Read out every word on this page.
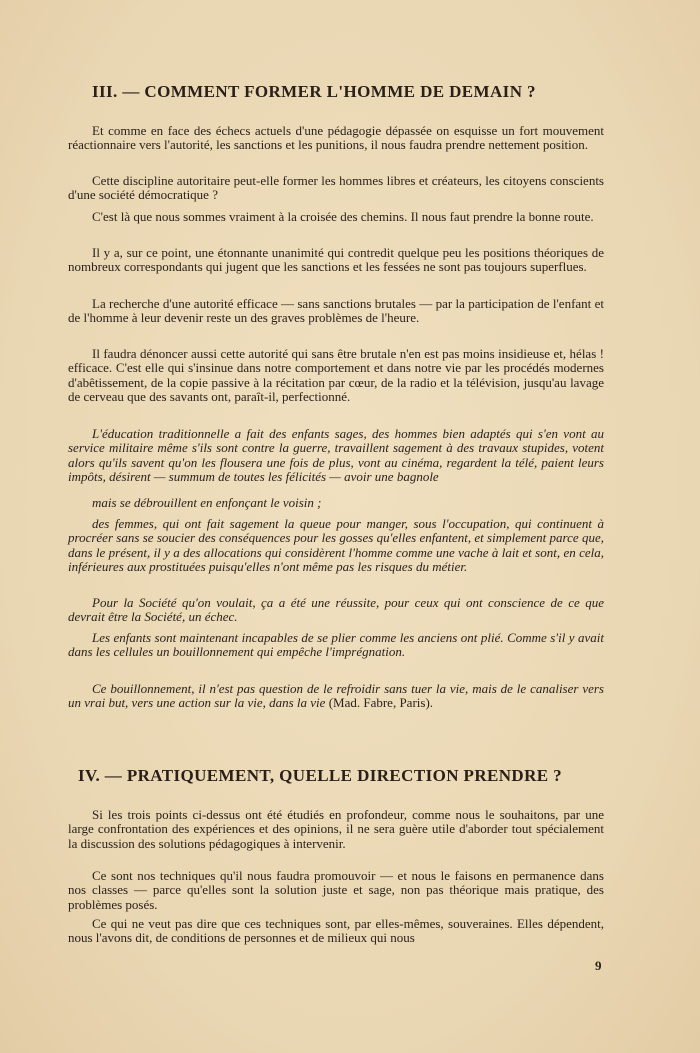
III. — COMMENT FORMER L'HOMME DE DEMAIN ?

Et comme en face des échecs actuels d'une pédagogie dépassée on esquisse un fort mouvement réactionnaire vers l'autorité, les sanctions et les punitions, il nous faudra prendre nettement position.

Cette discipline autoritaire peut-elle former les hommes libres et créateurs, les citoyens conscients d'une société démocratique ?

C'est là que nous sommes vraiment à la croisée des chemins. Il nous faut prendre la bonne route.

Il y a, sur ce point, une étonnante unanimité qui contredit quelque peu les positions théoriques de nombreux correspondants qui jugent que les sanctions et les fessées ne sont pas toujours superflues.

La recherche d'une autorité efficace — sans sanctions brutales — par la participation de l'enfant et de l'homme à leur devenir reste un des graves problèmes de l'heure.

Il faudra dénoncer aussi cette autorité qui sans être brutale n'en est pas moins insidieuse et, hélas ! efficace. C'est elle qui s'insinue dans notre comportement et dans notre vie par les procédés modernes d'abêtissement, de la copie passive à la récitation par cœur, de la radio et la télévision, jusqu'au lavage de cerveau que des savants ont, paraît-il, perfectionné.

L'éducation traditionnelle a fait des enfants sages, des hommes bien adaptés qui s'en vont au service militaire même s'ils sont contre la guerre, travaillent sagement à des travaux stupides, votent alors qu'ils savent qu'on les flousera une fois de plus, vont au cinéma, regardent la télé, paient leurs impôts, désirent — summum de toutes les félicités — avoir une bagnole

mais se débrouillent en enfonçant le voisin ;

des femmes, qui ont fait sagement la queue pour manger, sous l'occupation, qui continuent à procréer sans se soucier des conséquences pour les gosses qu'elles enfantent, et simplement parce que, dans le présent, il y a des allocations qui considèrent l'homme comme une vache à lait et sont, en cela, inférieures aux prostituées puisqu'elles n'ont même pas les risques du métier.

Pour la Société qu'on voulait, ça a été une réussite, pour ceux qui ont conscience de ce que devrait être la Société, un échec.

Les enfants sont maintenant incapables de se plier comme les anciens ont plié. Comme s'il y avait dans les cellules un bouillonnement qui empêche l'imprégnation.

Ce bouillonnement, il n'est pas question de le refroidir sans tuer la vie, mais de le canaliser vers un vrai but, vers une action sur la vie, dans la vie (Mad. Fabre, Paris).

IV. — PRATIQUEMENT, QUELLE DIRECTION PRENDRE ?

Si les trois points ci-dessus ont été étudiés en profondeur, comme nous le souhaitons, par une large confrontation des expériences et des opinions, il ne sera guère utile d'aborder tout spécialement la discussion des solutions pédagogiques à intervenir.

Ce sont nos techniques qu'il nous faudra promouvoir — et nous le faisons en permanence dans nos classes — parce qu'elles sont la solution juste et sage, non pas théorique mais pratique, des problèmes posés.

Ce qui ne veut pas dire que ces techniques sont, par elles-mêmes, souveraines. Elles dépendent, nous l'avons dit, de conditions de personnes et de milieux qui nous

9
